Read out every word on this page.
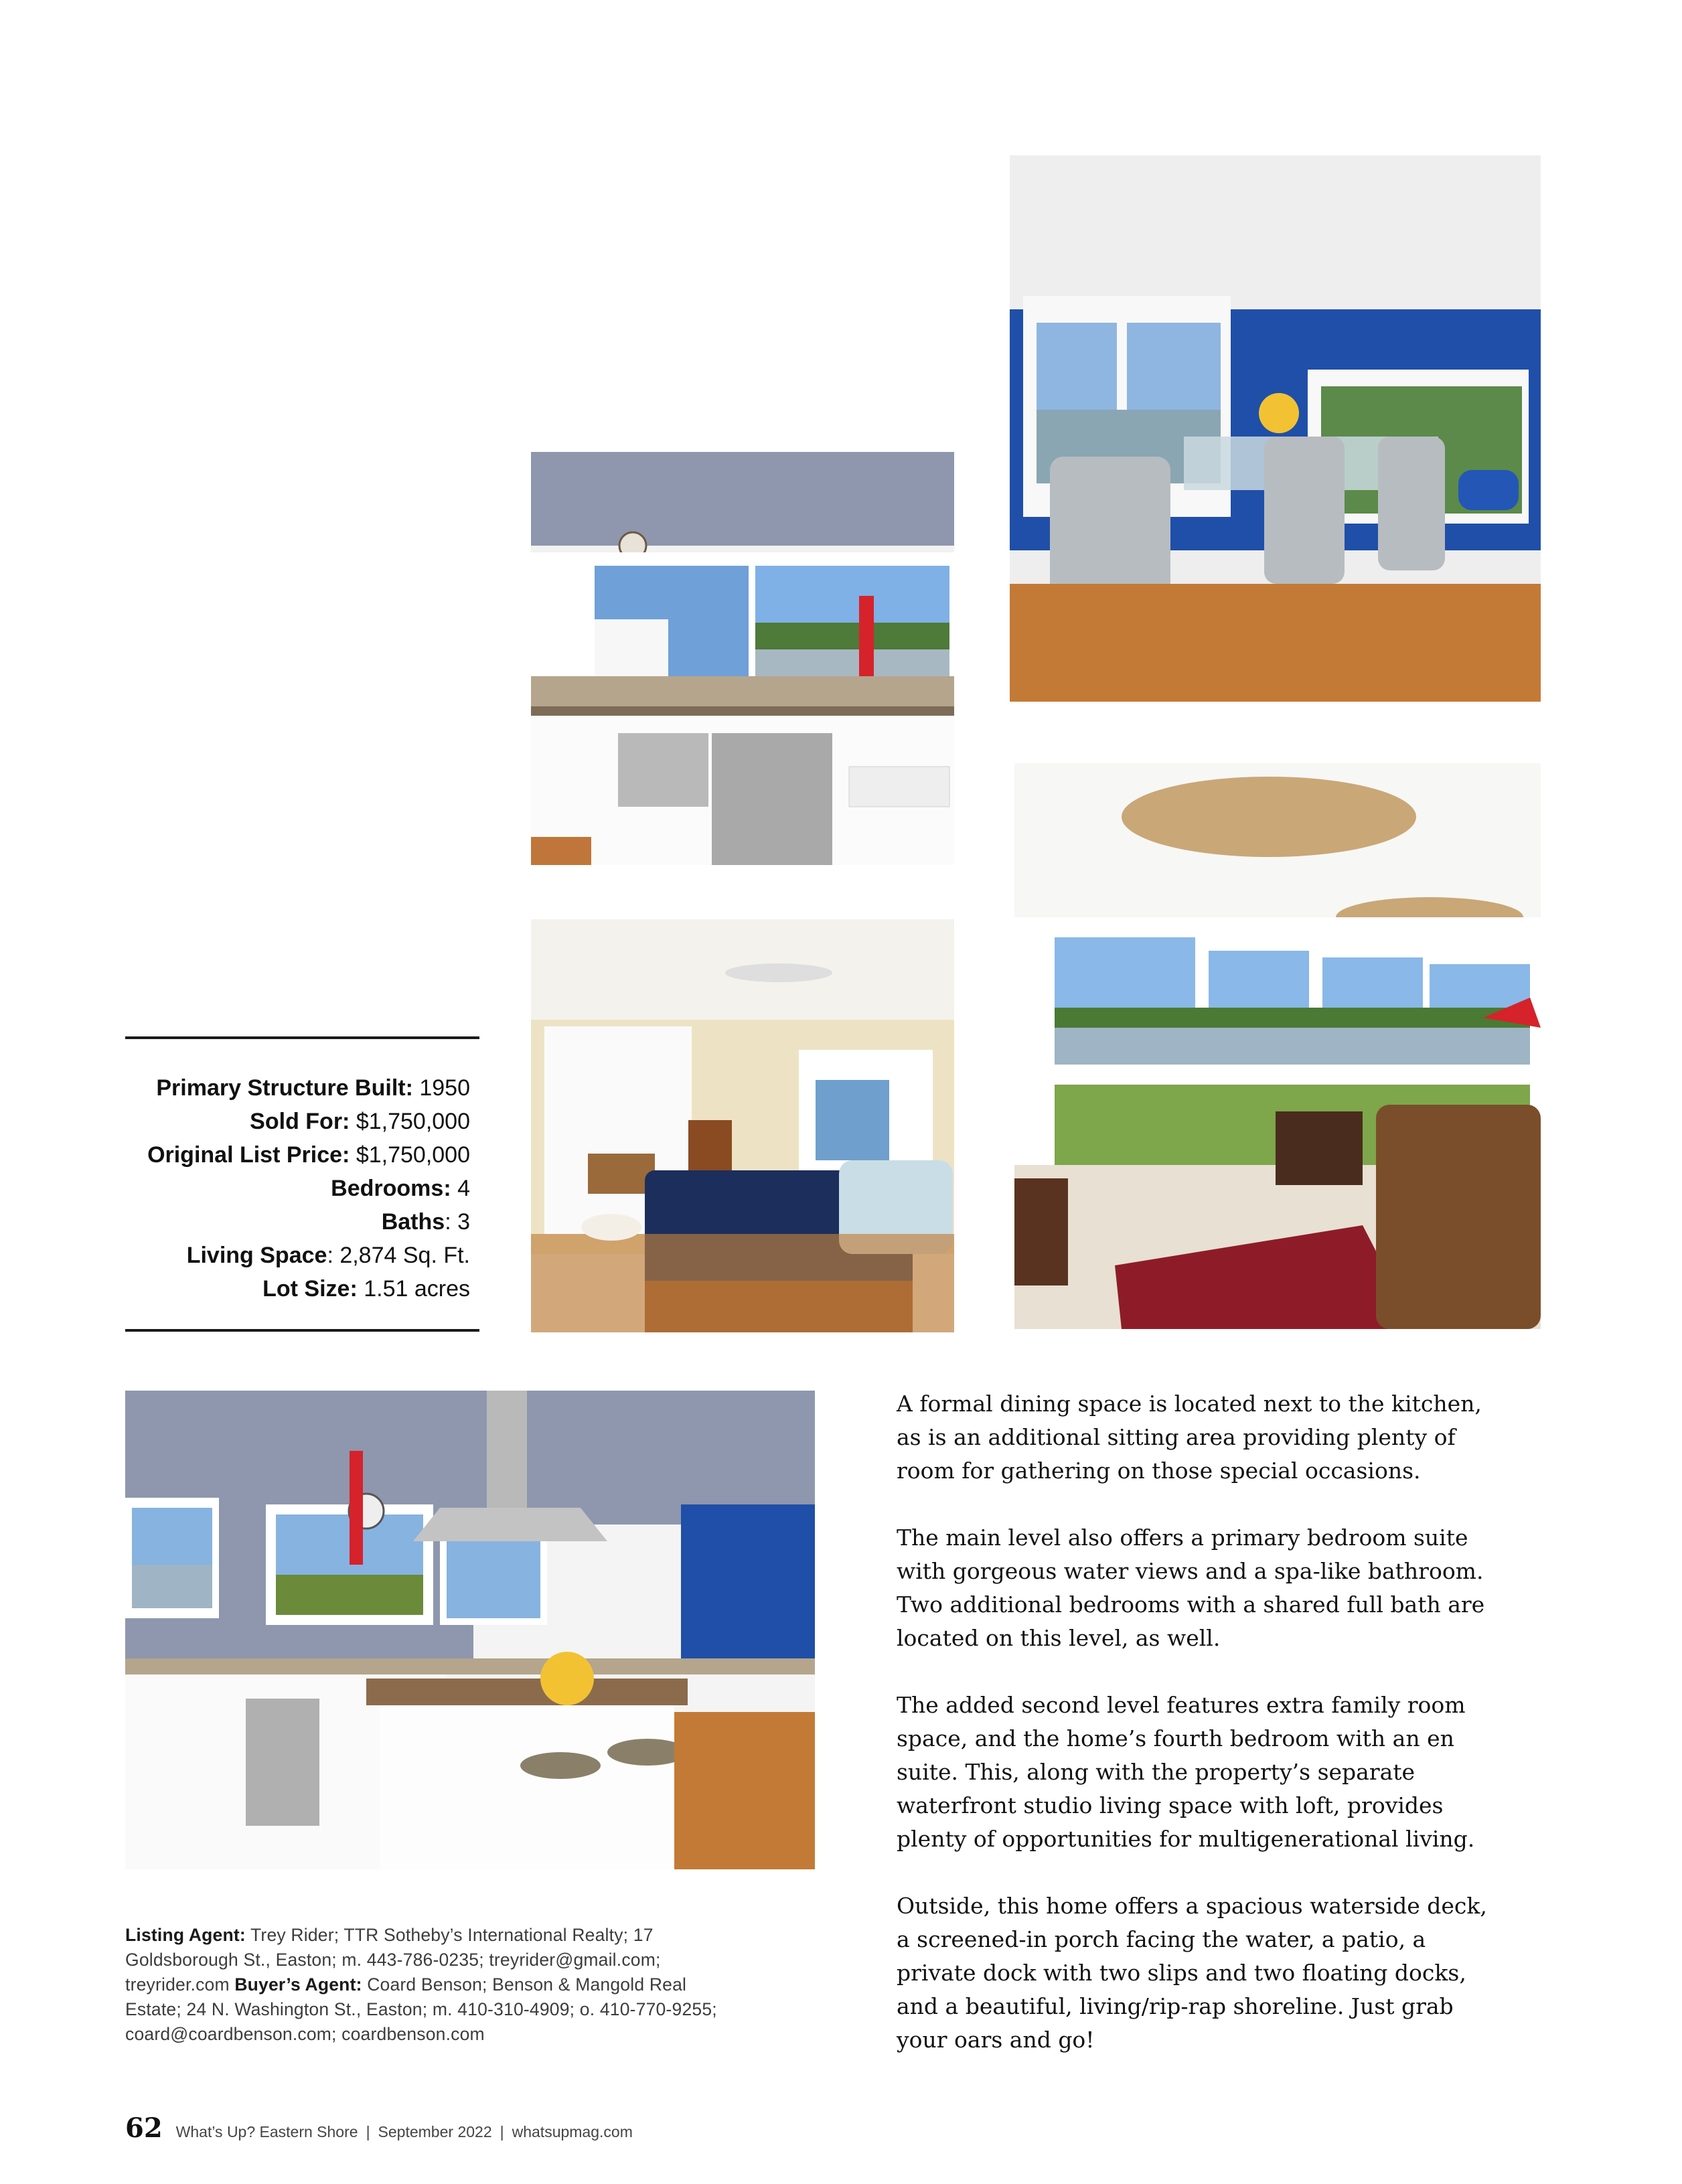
Primary Structure Built: 1950
Sold For: $1,750,000
Original List Price: $1,750,000
Bedrooms: 4
Baths: 3
Living Space: 2,874 Sq. Ft.
Lot Size: 1.51 acres

A formal dining space is located next to the kitchen, as is an additional sitting area providing plenty of room for gathering on those special occasions.

The main level also offers a primary bedroom suite with gorgeous water views and a spa-like bathroom. Two additional bedrooms with a shared full bath are located on this level, as well.

The added second level features extra family room space, and the home’s fourth bedroom with an en suite. This, along with the property’s separate waterfront studio living space with loft, provides plenty of opportunities for multigenerational living.

Outside, this home offers a spacious waterside deck, a screened-in porch facing the water, a patio, a private dock with two slips and two floating docks, and a beautiful, living/rip-rap shoreline. Just grab your oars and go!

Listing Agent: Trey Rider; TTR Sotheby’s International Realty; 17 Goldsborough St., Easton; m. 443-786-0235; treyrider@gmail.com; treyrider.com Buyer’s Agent: Coard Benson; Benson & Mangold Real Estate; 24 N. Washington St., Easton; m. 410-310-4909; o. 410-770-9255; coard@coardbenson.com; coardbenson.com
62 What’s Up? Eastern Shore | September 2022 | whatsupmag.com
